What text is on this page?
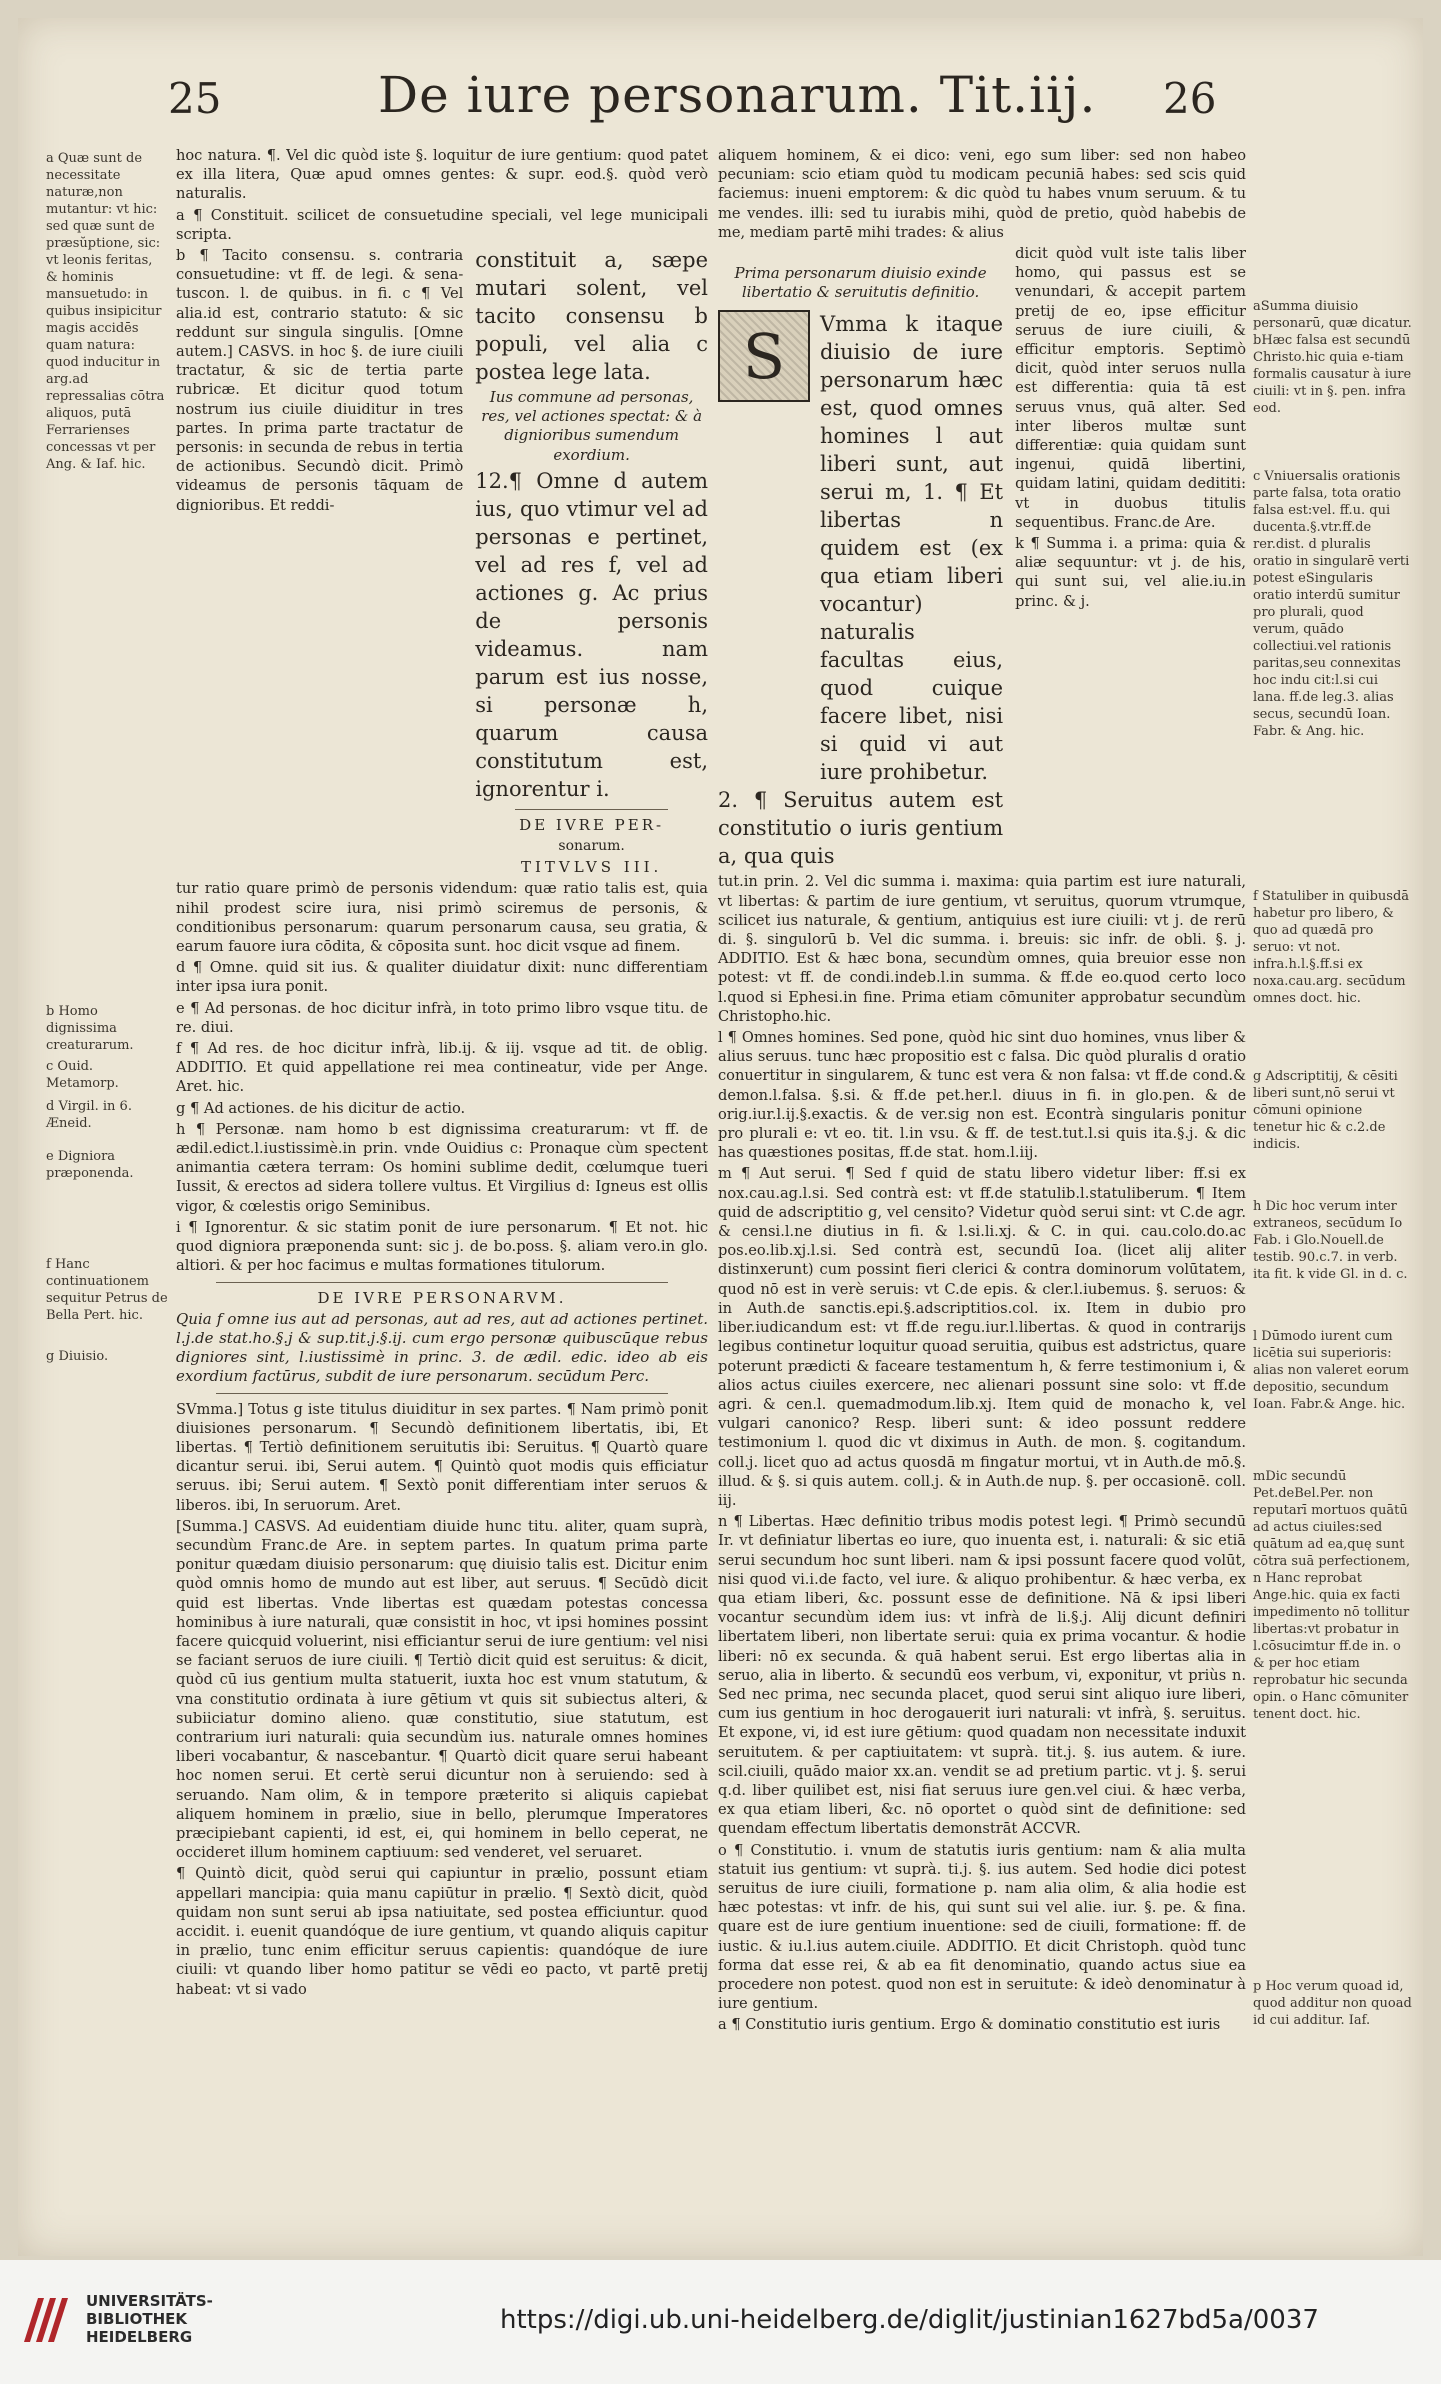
25	De iure personarum. Tit.iij. 26
a Quæ sunt de necessitate naturæ,non mutantur: vt hic: sed quæ sunt de præsŭptione, sic: vt leonis feritas, & hominis mansuetudo: in quibus insipicitur magis accidēs quam natura: quod inducitur in arg.ad repressalias cōtra aliquos, putā Ferrarienses concessas vt per Ang. & Iaf. hic.
b Homo dignissima creaturarum.
c Ouid. Metamorp.
d Virgil. in 6. Æneid.
e Digniora præponenda.
f Hanc continuationem sequitur Petrus de Bella Pert. hic.
g Diuisio.
aSumma diuisio personarū, quæ dicatur. bHæc falsa est secundū Christo.hic quia e-tiam formalis causatur à iure ciuili: vt in §. pen. infra eod.
c Vniuersalis orationis parte falsa, tota oratio falsa est:vel. ff.u. qui ducenta.§.vtr.ff.de rer.dist. d pluralis oratio in singularē verti potest eSingularis oratio interdū sumitur pro plurali, quod verum, quādo collectiui.vel rationis paritas,seu connexitas hoc indu cit:l.si cui lana. ff.de leg.3. alias secus, secundū Ioan. Fabr. & Ang. hic.
f Statuliber in quibusdā habetur pro libero, & quo ad quædā pro seruo: vt not. infra.h.l.§.ff.si ex noxa.cau.arg. secūdum omnes doct. hic.
g Adscriptitij, & cēsiti liberi sunt,nō serui vt cōmuni opinione tenetur hic & c.2.de indicis.
h Dic hoc verum inter extraneos, secūdum Io Fab. i Glo.Nouell.de testib. 90.c.7. in verb. ita fit. k vide Gl. in d. c.
l Dūmodo iurent cum licētia sui superioris: alias non valeret eorum depositio, secundum Ioan. Fabr.& Ange. hic.
mDic secundū Pet.deBel.Per. non reputarī mortuos quātū ad actus ciuiles:sed quātum ad ea,quę sunt cōtra suā perfectionem, n Hanc reprobat Ange.hic. quia ex facti impedimento nō tollitur libertas:vt probatur in l.cōsucimtur ff.de in. o & per hoc etiam reprobatur hic secunda opin. o Hanc cōmuniter tenent doct. hic.
p Hoc verum quoad id, quod additur non quoad id cui additur. Iaf.

hoc natura. ¶. Vel dic quòd iste §. loquitur de iure gentium: quod patet ex illa litera, Quæ apud omnes gentes: & supr. eod.§. quòd verò naturalis.

a ¶ Constituit. scilicet de consuetudine speciali, vel lege municipali scripta.

b ¶ Tacito consensu. s. contraria consuetudine: vt ff. de legi. & sena-tuscon. l. de quibus. in fi. c ¶ Vel alia.id est, contrario statuto: & sic reddunt sur singula singulis. [Omne autem.] CASVS. in hoc §. de iure ciuili tractatur, & sic de tertia parte rubricæ. Et dicitur quod totum nostrum ius ciuile diuiditur in tres partes. In prima parte tractatur de personis: in secunda de rebus in tertia de actionibus. Secundò dicit. Primò videamus de personis tāquam de dignioribus. Et reddi-

constituit a, sæpe mutari solent, vel tacito consensu b populi, vel alia c postea lege lata.

Ius commune ad personas, res, vel actiones spectat: & à dignioribus sumendum exordium.

12.¶ Omne d autem ius, quo vtimur vel ad personas e pertinet, vel ad res f, vel ad actiones g. Ac prius de personis videamus. nam parum est ius nosse, si personæ h, quarum causa constitutum est, ignorentur i.

DE IVRE PER-

sonarum.

TITVLVS III.

tur ratio quare primò de personis videndum: quæ ratio talis est, quia nihil prodest scire iura, nisi primò sciremus de personis, & conditionibus personarum: quarum personarum causa, seu gratia, & earum fauore iura cōdita, & cōposita sunt. hoc dicit vsque ad finem.

d ¶ Omne. quid sit ius. & qualiter diuidatur dixit: nunc differentiam inter ipsa iura ponit.

e ¶ Ad personas. de hoc dicitur infrà, in toto primo libro vsque titu. de re. diui.

f ¶ Ad res. de hoc dicitur infrà, lib.ij. & iij. vsque ad tit. de oblig. ADDITIO. Et quid appellatione rei mea contineatur, vide per Ange. Aret. hic.

g ¶ Ad actiones. de his dicitur de actio.

h ¶ Personæ. nam homo b est dignissima creaturarum: vt ff. de ædil.edict.l.iustissimè.in prin. vnde Ouidius c: Pronaque cùm spectent animantia cætera terram: Os homini sublime dedit, cœlumque tueri Iussit, & erectos ad sidera tollere vultus. Et Virgilius d: Igneus est ollis vigor, & cœlestis origo Seminibus.

i ¶ Ignorentur. & sic statim ponit de iure personarum. ¶ Et not. hic quod digniora præponenda sunt: sic j. de bo.poss. §. aliam vero.in glo. altiori. & per hoc facimus e multas formationes titulorum.

DE IVRE PERSONARVM.

Quia f omne ius aut ad personas, aut ad res, aut ad actiones pertinet. l.j.de stat.ho.§.j & sup.tit.j.§.ij. cum ergo personæ quibuscūque rebus digniores sint, l.iustissimè in princ. 3. de ædil. edic. ideo ab eis exordium factūrus, subdit de iure personarum. secūdum Perc.

SVmma.] Totus g iste titulus diuiditur in sex partes. ¶ Nam primò ponit diuisiones personarum. ¶ Secundò definitionem libertatis, ibi, Et libertas. ¶ Tertiò definitionem seruitutis ibi: Seruitus. ¶ Quartò quare dicantur serui. ibi, Serui autem. ¶ Quintò quot modis quis efficiatur seruus. ibi; Serui autem. ¶ Sextò ponit differentiam inter seruos & liberos. ibi, In seruorum. Aret.

[Summa.] CASVS. Ad euidentiam diuide hunc titu. aliter, quam suprà, secundùm Franc.de Are. in septem partes. In quatum prima parte ponitur quædam diuisio personarum: quę diuisio talis est. Dicitur enim quòd omnis homo de mundo aut est liber, aut seruus. ¶ Secūdò dicit quid est libertas. Vnde libertas est quædam potestas concessa hominibus à iure naturali, quæ consistit in hoc, vt ipsi homines possint facere quicquid voluerint, nisi efficiantur serui de iure gentium: vel nisi se faciant seruos de iure ciuili. ¶ Tertiò dicit quid est seruitus: & dicit, quòd cū ius gentium multa statuerit, iuxta hoc est vnum statutum, & vna constitutio ordinata à iure gētium vt quis sit subiectus alteri, & subiiciatur domino alieno. quæ constitutio, siue statutum, est contrarium iuri naturali: quia secundùm ius. naturale omnes homines liberi vocabantur, & nascebantur. ¶ Quartò dicit quare serui habeant hoc nomen serui. Et certè serui dicuntur non à seruiendo: sed à seruando. Nam olim, & in tempore præterito si aliquis capiebat aliquem hominem in prælio, siue in bello, plerumque Imperatores præcipiebant capienti, id est, ei, qui hominem in bello ceperat, ne occideret illum hominem captiuum: sed venderet, vel seruaret.

¶ Quintò dicit, quòd serui qui capiuntur in prælio, possunt etiam appellari mancipia: quia manu capiūtur in prælio. ¶ Sextò dicit, quòd quidam non sunt serui ab ipsa natiuitate, sed postea efficiuntur. quod accidit. i. euenit quandóque de iure gentium, vt quando aliquis capitur in prælio, tunc enim efficitur seruus capientis: quandóque de iure ciuili: vt quando liber homo patitur se vēdi eo pacto, vt partē pretij habeat: vt si vado

aliquem hominem, & ei dico: veni, ego sum liber: sed non habeo pecuniam: scio etiam quòd tu modicam pecuniā habes: sed scis quid faciemus: inueni emptorem: & dic quòd tu habes vnum seruum. & tu me vendes. illi: sed tu iurabis mihi, quòd de pretio, quòd habebis de me, mediam partē mihi trades: & alius

Prima personarum diuisio exinde libertatio & seruitutis definitio.

S	Vmma k itaque diuisio de iure personarum hæc est, quod omnes homines l aut liberi sunt, aut serui m, 1. ¶ Et libertas n quidem est (ex qua etiam liberi vocantur) naturalis facultas eius, quod cuique facere libet, nisi si quid vi aut iure prohibetur.

2. ¶ Seruitus autem est constitutio o iuris gentium a, qua quis

dicit quòd vult iste talis liber homo, qui passus est se venundari, & accepit partem pretij de eo, ipse efficitur seruus de iure ciuili, & efficitur emptoris. Septimò dicit, quòd inter seruos nulla est differentia: quia tā est seruus vnus, quā alter. Sed inter liberos multæ sunt differentiæ: quia quidam sunt ingenui, quidā libertini, quidam latini, quidam dedititi: vt in duobus titulis sequentibus. Franc.de Are.

k ¶ Summa i. a prima: quia & aliæ sequuntur: vt j. de his, qui sunt sui, vel alie.iu.in princ. & j.

tut.in prin. 2. Vel dic summa i. maxima: quia partim est iure naturali, vt libertas: & partim de iure gentium, vt seruitus, quorum vtrumque, scilicet ius naturale, & gentium, antiquius est iure ciuili: vt j. de rerū di. §. singulorū b. Vel dic summa. i. breuis: sic infr. de obli. §. j. ADDITIO. Est & hæc bona, secundùm omnes, quia breuior esse non potest: vt ff. de condi.indeb.l.in summa. & ff.de eo.quod certo loco l.quod si Ephesi.in fine. Prima etiam cōmuniter approbatur secundùm Christopho.hic.

l ¶ Omnes homines. Sed pone, quòd hic sint duo homines, vnus liber & alius seruus. tunc hæc propositio est c falsa. Dic quòd pluralis d oratio conuertitur in singularem, & tunc est vera & non falsa: vt ff.de cond.& demon.l.falsa. §.si. & ff.de pet.her.l. diuus in fi. in glo.pen. & de orig.iur.l.ij.§.exactis. & de ver.sig non est. Econtrà singularis ponitur pro plurali e: vt eo. tit. l.in vsu. & ff. de test.tut.l.si quis ita.§.j. & dic has quæstiones positas, ff.de stat. hom.l.iij.

m ¶ Aut serui. ¶ Sed f quid de statu libero videtur liber: ff.si ex nox.cau.ag.l.si. Sed contrà est: vt ff.de statulib.l.statuliberum. ¶ Item quid de adscriptitio g, vel censito? Videtur quòd serui sint: vt C.de agr. & censi.l.ne diutius in fi. & l.si.li.xj. & C. in qui. cau.colo.do.ac pos.eo.lib.xj.l.si. Sed contrà est, secundū Ioa. (licet alij aliter distinxerunt) cum possint fieri clerici & contra dominorum volūtatem, quod nō est in verè seruis: vt C.de epis. & cler.l.iubemus. §. seruos: & in Auth.de sanctis.epi.§.adscriptitios.col. ix. Item in dubio pro liber.iudicandum est: vt ff.de regu.iur.l.libertas. & quod in contrarijs legibus continetur loquitur quoad seruitia, quibus est adstrictus, quare poterunt prædicti & faceare testamentum h, & ferre testimonium i, & alios actus ciuiles exercere, nec alienari possunt sine solo: vt ff.de agri. & cen.l. quemadmodum.lib.xj. Item quid de monacho k, vel vulgari canonico? Resp. liberi sunt: & ideo possunt reddere testimonium l. quod dic vt diximus in Auth. de mon. §. cogitandum. coll.j. licet quo ad actus quosdā m fingatur mortui, vt in Auth.de mō.§. illud. & §. si quis autem. coll.j. & in Auth.de nup. §. per occasionē. coll. iij.

n ¶ Libertas. Hæc definitio tribus modis potest legi. ¶ Primò secundū Ir. vt definiatur libertas eo iure, quo inuenta est, i. naturali: & sic etiā serui secundum hoc sunt liberi. nam & ipsi possunt facere quod volūt, nisi quod vi.i.de facto, vel iure. & aliquo prohibentur. & hæc verba, ex qua etiam liberi, &c. possunt esse de definitione. Nā & ipsi liberi vocantur secundùm idem ius: vt infrà de li.§.j. Alij dicunt definiri libertatem liberi, non libertate serui: quia ex prima vocantur. & hodie liberi: nō ex secunda. & quā habent serui. Est ergo libertas alia in seruo, alia in liberto. & secundū eos verbum, vi, exponitur, vt priùs n. Sed nec prima, nec secunda placet, quod serui sint aliquo iure liberi, cum ius gentium in hoc derogauerit iuri naturali: vt infrà, §. seruitus. Et expone, vi, id est iure gētium: quod quadam non necessitate induxit seruitutem. & per captiuitatem: vt suprà. tit.j. §. ius autem. & iure. scil.ciuili, quādo maior xx.an. vendit se ad pretium partic. vt j. §. serui q.d. liber quilibet est, nisi fiat seruus iure gen.vel ciui. & hæc verba, ex qua etiam liberi, &c. nō oportet o quòd sint de definitione: sed quendam effectum libertatis demonstrāt ACCVR.

o ¶ Constitutio. i. vnum de statutis iuris gentium: nam & alia multa statuit ius gentium: vt suprà. ti.j. §. ius autem. Sed hodie dici potest seruitus de iure ciuili, formatione p. nam alia olim, & alia hodie est hæc potestas: vt infr. de his, qui sunt sui vel alie. iur. §. pe. & fina. quare est de iure gentium inuentione: sed de ciuili, formatione: ff. de iustic. & iu.l.ius autem.ciuile. ADDITIO. Et dicit Christoph. quòd tunc forma dat esse rei, & ab ea fit denominatio, quando actus siue ea procedere non potest. quod non est in seruitute: & ideò denominatur à iure gentium.

a ¶ Constitutio iuris gentium. Ergo & dominatio constitutio est iuris

UNIVERSITÄTS-
BIBLIOTHEK
HEIDELBERG
https://digi.ub.uni-heidelberg.de/diglit/justinian1627bd5a/0037
